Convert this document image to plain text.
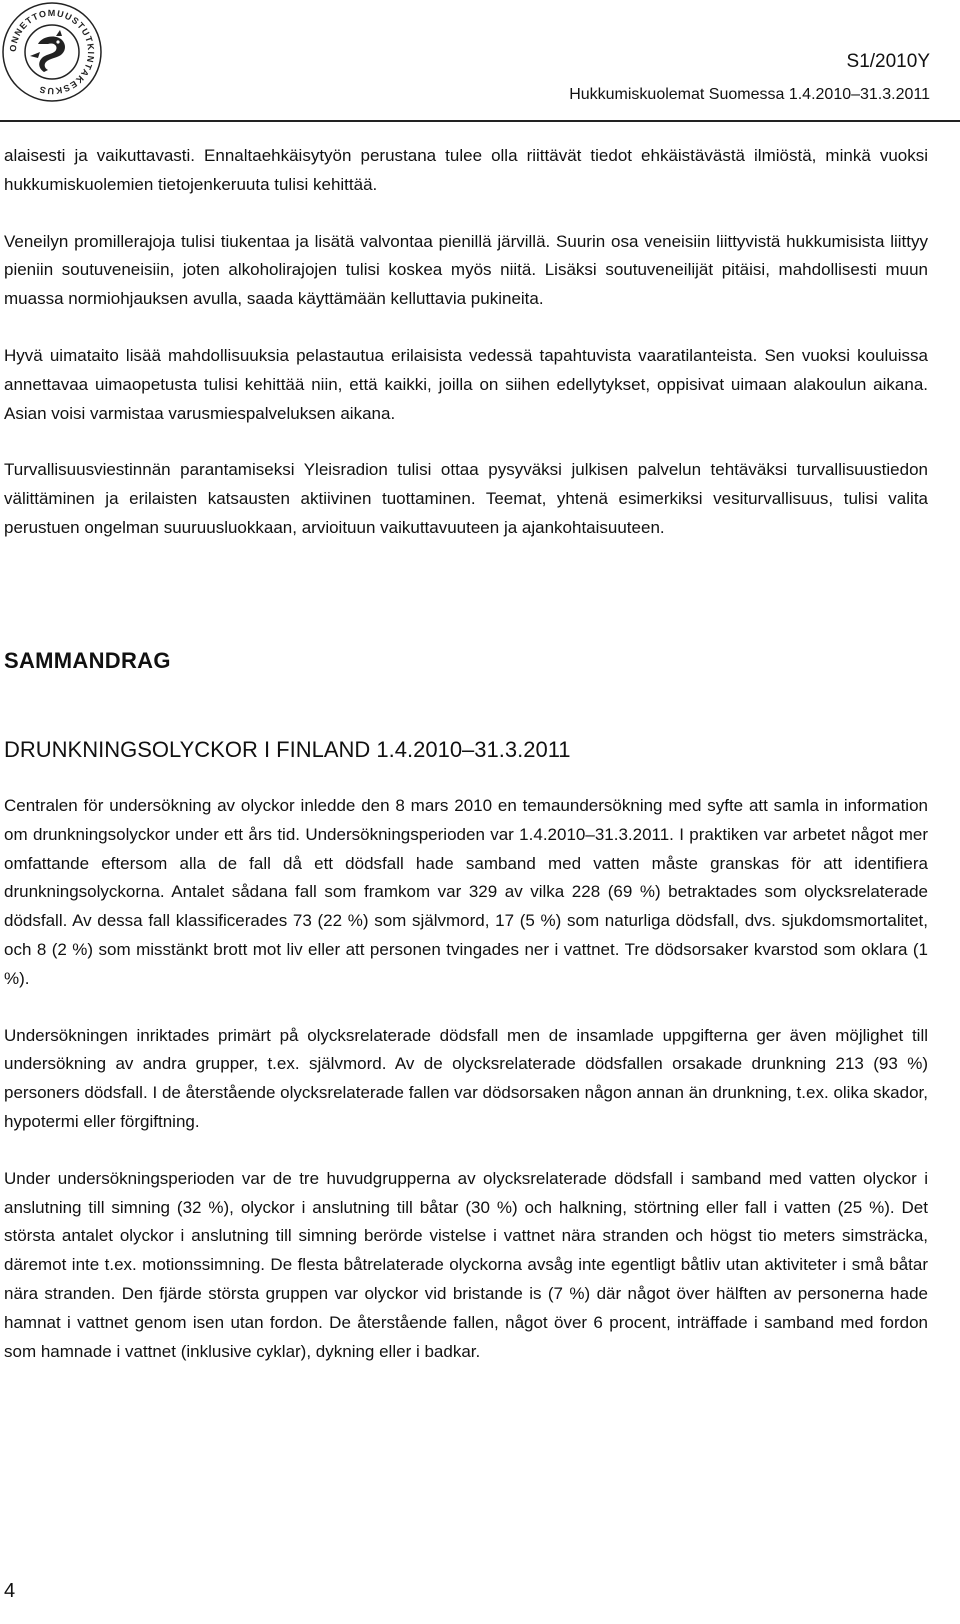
ONNETTOMUUSTUTKINTAKESKUS
S1/2010Y
Hukkumiskuolemat Suomessa 1.4.2010–31.3.2011

alaisesti ja vaikuttavasti. Ennaltaehkäisytyön perustana tulee olla riittävät tiedot ehkäistävästä ilmiöstä, minkä vuoksi hukkumiskuolemien tietojenkeruuta tulisi kehittää.

Veneilyn promillerajoja tulisi tiukentaa ja lisätä valvontaa pienillä järvillä. Suurin osa veneisiin liittyvistä hukkumisista liittyy pieniin soutuveneisiin, joten alkoholirajojen tulisi koskea myös niitä. Lisäksi soutuveneilijät pitäisi, mahdollisesti muun muassa normiohjauksen avulla, saada käyttämään kelluttavia pukineita.

Hyvä uimataito lisää mahdollisuuksia pelastautua erilaisista vedessä tapahtuvista vaaratilanteista. Sen vuoksi kouluissa annettavaa uimaopetusta tulisi kehittää niin, että kaikki, joilla on siihen edellytykset, oppisivat uimaan alakoulun aikana. Asian voisi varmistaa varusmiespalveluksen aikana.

Turvallisuusviestinnän parantamiseksi Yleisradion tulisi ottaa pysyväksi julkisen palvelun tehtäväksi turvallisuustiedon välittäminen ja erilaisten katsausten aktiivinen tuottaminen. Teemat, yhtenä esimerkiksi vesiturvallisuus, tulisi valita perustuen ongelman suuruusluokkaan, arvioituun vaikuttavuuteen ja ajankohtaisuuteen.

SAMMANDRAG
DRUNKNINGSOLYCKOR I FINLAND 1.4.2010–31.3.2011

Centralen för undersökning av olyckor inledde den 8 mars 2010 en temaundersökning med syfte att samla in information om drunkningsolyckor under ett års tid. Undersökningsperioden var 1.4.2010–31.3.2011. I praktiken var arbetet något mer omfattande eftersom alla de fall då ett dödsfall hade samband med vatten måste granskas för att identifiera drunkningsolyckorna. Antalet sådana fall som framkom var 329 av vilka 228 (69 %) betraktades som olycksrelaterade dödsfall. Av dessa fall klassificerades 73 (22 %) som självmord, 17 (5 %) som naturliga dödsfall, dvs. sjukdomsmortalitet, och 8 (2 %) som misstänkt brott mot liv eller att personen tvingades ner i vattnet. Tre dödsorsaker kvarstod som oklara (1 %).

Undersökningen inriktades primärt på olycksrelaterade dödsfall men de insamlade uppgifterna ger även möjlighet till undersökning av andra grupper, t.ex. självmord. Av de olycksrelaterade dödsfallen orsakade drunkning 213 (93 %) personers dödsfall. I de återstående olycksrelaterade fallen var dödsorsaken någon annan än drunkning, t.ex. olika skador, hypotermi eller förgiftning.

Under undersökningsperioden var de tre huvudgrupperna av olycksrelaterade dödsfall i samband med vatten olyckor i anslutning till simning (32 %), olyckor i anslutning till båtar (30 %) och halkning, störtning eller fall i vatten (25 %). Det största antalet olyckor i anslutning till simning berörde vistelse i vattnet nära stranden och högst tio meters simsträcka, däremot inte t.ex. motionssimning. De flesta båtrelaterade olyckorna avsåg inte egentligt båtliv utan aktiviteter i små båtar nära stranden. Den fjärde största gruppen var olyckor vid bristande is (7 %) där något över hälften av personerna hade hamnat i vattnet genom isen utan fordon. De återstående fallen, något över 6 procent, inträffade i samband med fordon som hamnade i vattnet (inklusive cyklar), dykning eller i badkar.

4
